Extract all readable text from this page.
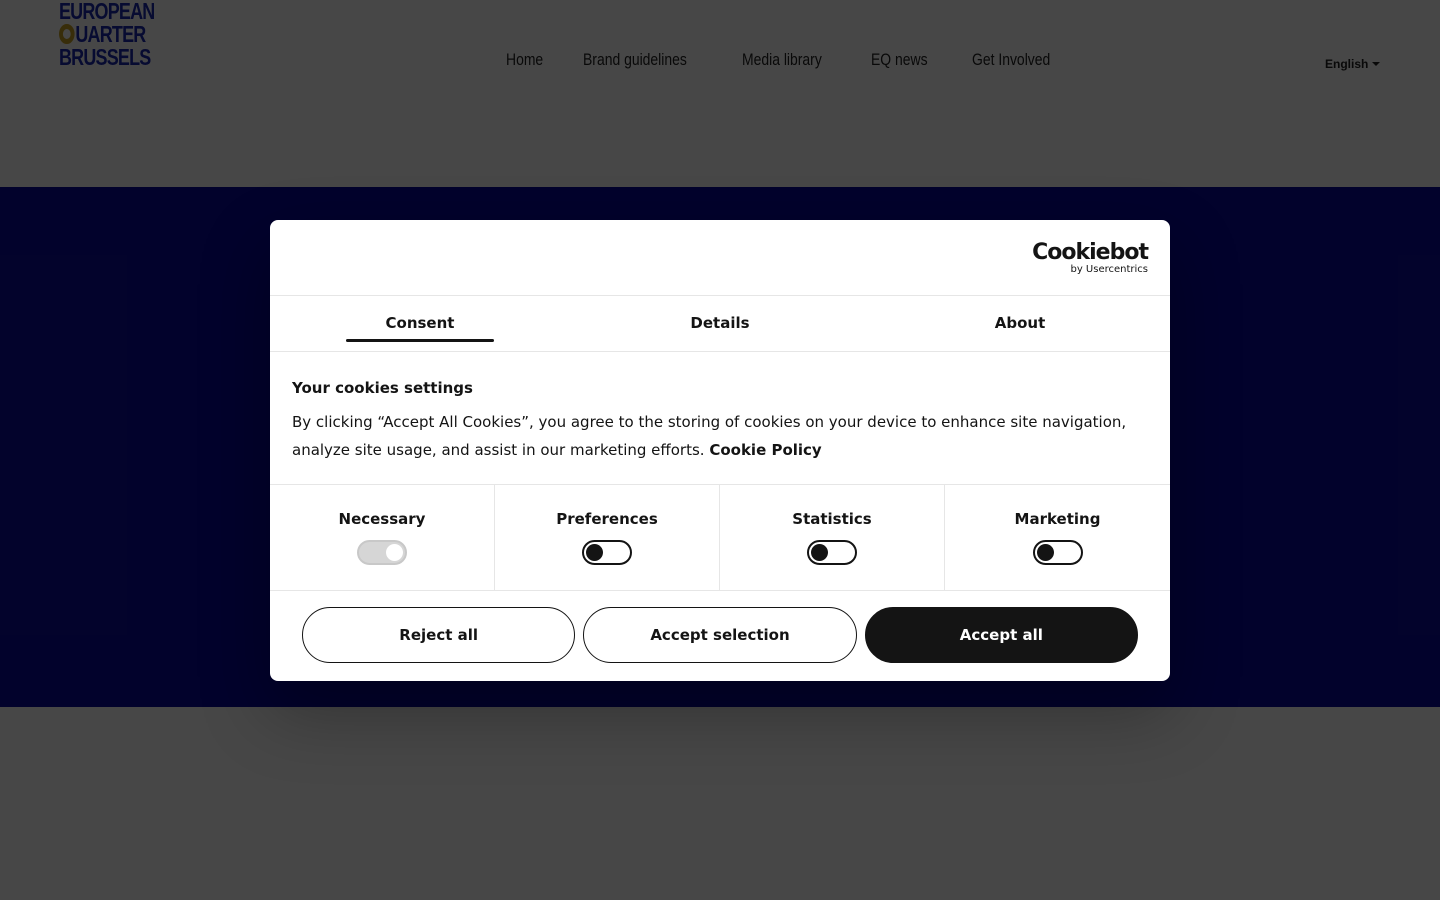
Cookiebot
by Usercentrics
Consent	Details	About
Your cookies settings

By clicking “Accept All Cookies”, you agree to the storing of cookies on your device to enhance site navigation, analyze site usage, and assist in our marketing efforts. Cookie Policy

Necessary	Preferences	Statistics	Marketing
Reject all	Accept selection	Accept all
